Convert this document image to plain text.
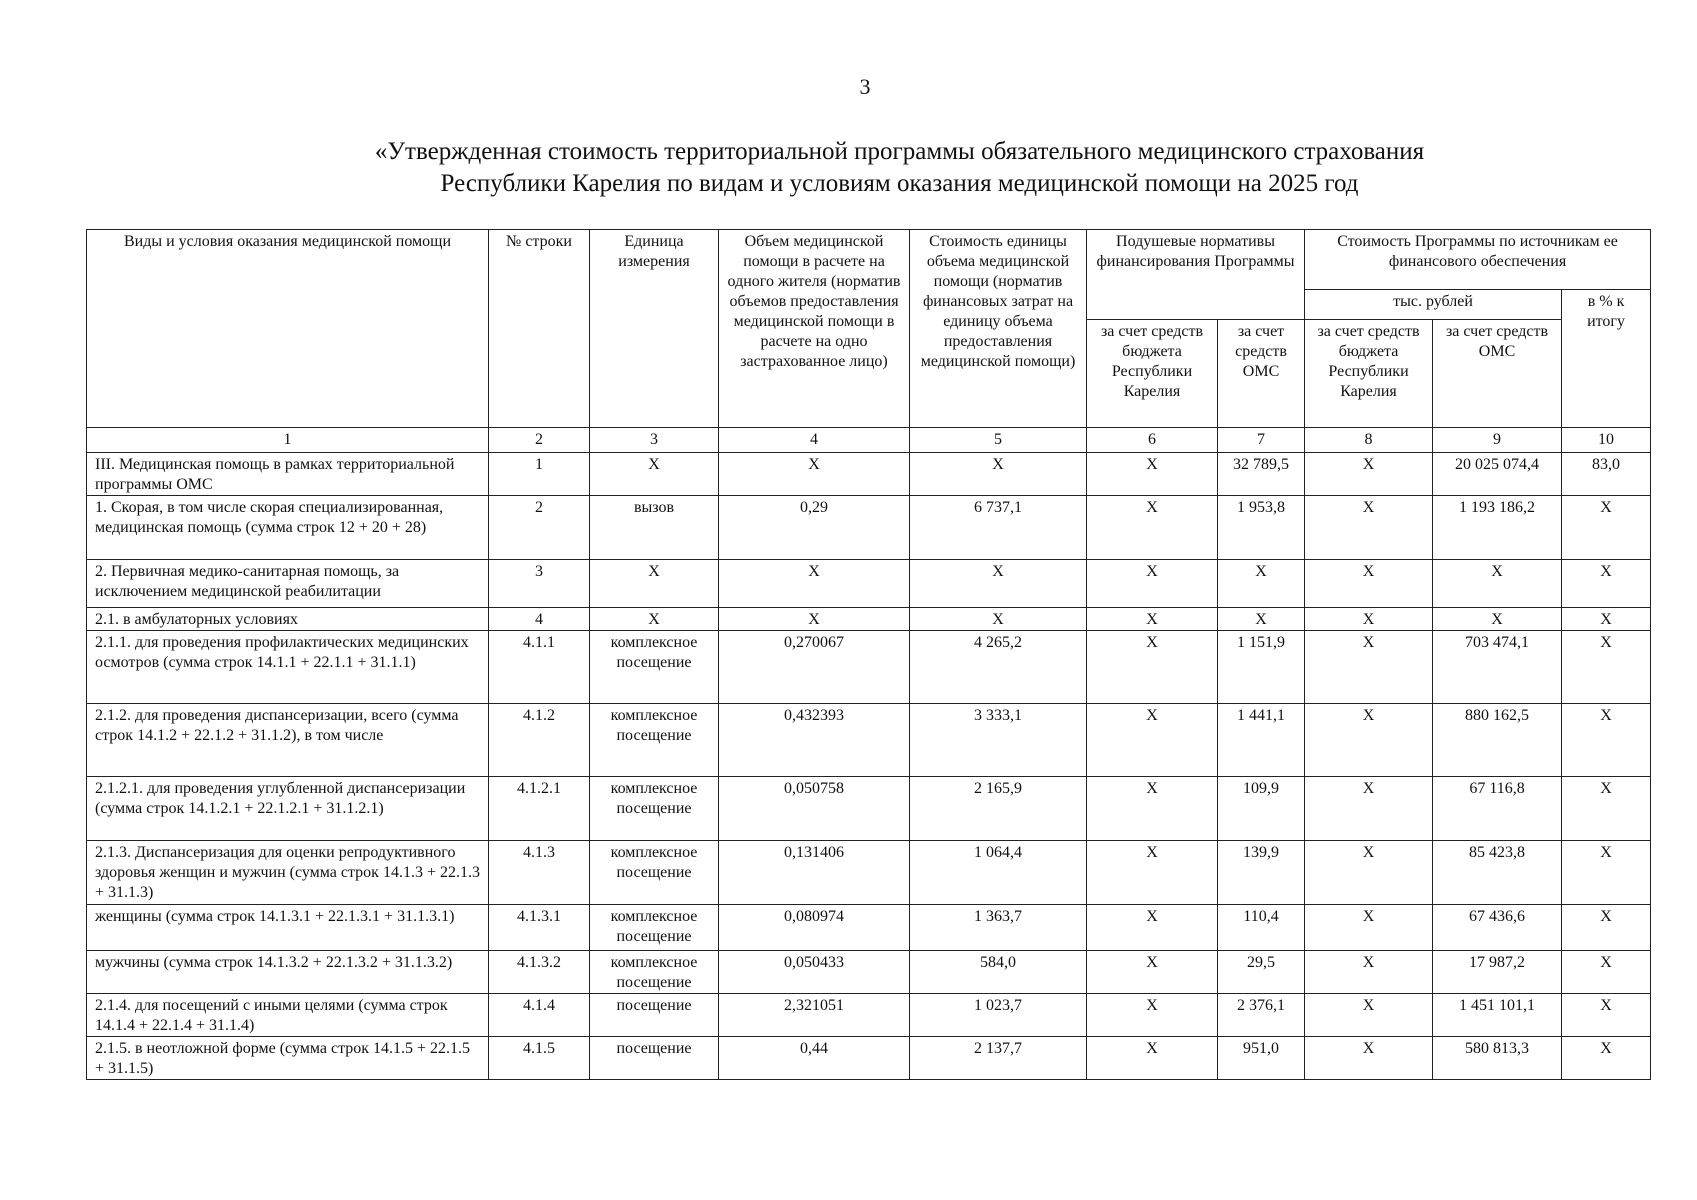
3
«Утвержденная стоимость территориальной программы обязательного медицинского страхования
Республики Карелия по видам и условиям оказания медицинской помощи на 2025 год
Виды и условия оказания медицинской помощи	№ строки	Единица измерения	Объем медицинской помощи в расчете на одного жителя (норматив объемов предоставления медицинской помощи в расчете на одно застрахованное лицо)	Стоимость единицы объема медицинской помощи (норматив финансовых затрат на единицу объема предоставления медицинской помощи)	Подушевые нормативы финансирования Программы		Стоимость Программы по источникам ее финансового обеспечения		
							тыс. рублей		в % к итогу
					за счет средств бюджета Республики Карелия	за счет средств ОМС	за счет средств бюджета Республики Карелия	за счет средств ОМС	
1	2	3	4	5	6	7	8	9	10
III. Медицинская помощь в рамках территориальной программы ОМС	1	Х	Х	Х	Х	32 789,5	Х	20 025 074,4	83,0
1. Скорая, в том числе скорая специализированная, медицинская помощь (сумма строк 12 + 20 + 28)	2	вызов	0,29	6 737,1	Х	1 953,8	Х	1 193 186,2	Х
2. Первичная медико-санитарная помощь, за исключением медицинской реабилитации	3	Х	Х	Х	Х	Х	Х	Х	Х
2.1. в амбулаторных условиях	4	Х	Х	Х	Х	Х	Х	Х	Х
2.1.1. для проведения профилактических медицинских осмотров (сумма строк 14.1.1 + 22.1.1 + 31.1.1)	4.1.1	комплексное посещение	0,270067	4 265,2	Х	1 151,9	Х	703 474,1	Х
2.1.2. для проведения диспансеризации, всего (сумма строк 14.1.2 + 22.1.2 + 31.1.2), в том числе	4.1.2	комплексное посещение	0,432393	3 333,1	Х	1 441,1	Х	880 162,5	Х
2.1.2.1. для проведения углубленной диспансеризации (сумма строк 14.1.2.1 + 22.1.2.1 + 31.1.2.1)	4.1.2.1	комплексное посещение	0,050758	2 165,9	Х	109,9	Х	67 116,8	Х
2.1.3. Диспансеризация для оценки репродуктивного здоровья женщин и мужчин (сумма строк 14.1.3 + 22.1.3 + 31.1.3)	4.1.3	комплексное посещение	0,131406	1 064,4	Х	139,9	Х	85 423,8	Х
женщины (сумма строк 14.1.3.1 + 22.1.3.1 + 31.1.3.1)	4.1.3.1	комплексное посещение	0,080974	1 363,7	Х	110,4	Х	67 436,6	Х
мужчины (сумма строк 14.1.3.2 + 22.1.3.2 + 31.1.3.2)	4.1.3.2	комплексное посещение	0,050433	584,0	Х	29,5	Х	17 987,2	Х
2.1.4. для посещений с иными целями (сумма строк 14.1.4 + 22.1.4 + 31.1.4)	4.1.4	посещение	2,321051	1 023,7	Х	2 376,1	Х	1 451 101,1	Х
2.1.5. в неотложной форме (сумма строк 14.1.5 + 22.1.5 + 31.1.5)	4.1.5	посещение	0,44	2 137,7	Х	951,0	Х	580 813,3	Х
